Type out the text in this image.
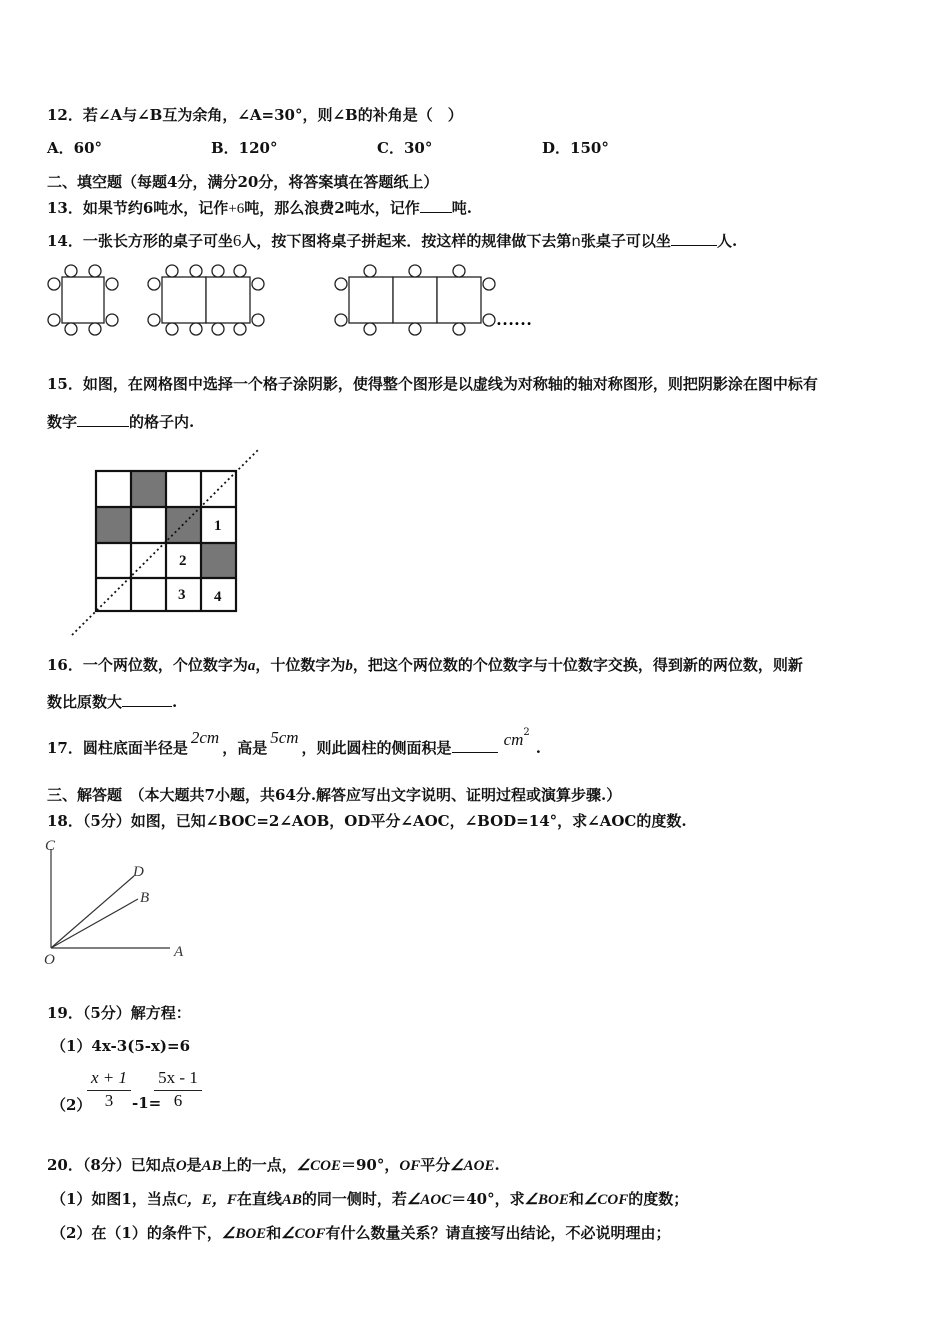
12．若∠A与∠B互为余角，∠A=30°，则∠B的补角是（　）
A．60°	B．120°	C．30°	D．150°
二、填空题（每题4分，满分20分，将答案填在答题纸上）
13．如果节约6吨水，记作+6吨，那么浪费2吨水，记作 吨.
14．一张长方形的桌子可坐6人，按下图将桌子拼起来．按这样的规律做下去第n张桌子可以坐	人.
……
15．如图，在网格图中选择一个格子涂阴影，使得整个图形是以虚线为对称轴的轴对称图形，则把阴影涂在图中标有
数字	的格子内.
1
2
3 4
16．一个两位数，个位数字为a，十位数字为b，把这个两位数的个位数字与十位数字交换，得到新的两位数，则新
数比原数大	.
17．圆柱底面半径是2cm，高是5cm，则此圆柱的侧面积是	$cm^2$.
三、解答题　（本大题共7小题，共64分.解答应写出文字说明、证明过程或演算步骤.）
18．（5分）如图，已知∠BOC=2∠AOB，OD平分∠AOC，∠BOD=14°，求∠AOC的度数.
C
D
B
O	A
19．（5分）解方程：
（1）4x-3(5-x)=6
（2）
$\frac{x + 1}{3} -1=$
$\frac{5x - 1}{6}$
20．（8分）已知点O是AB上的一点，∠COE＝90°，OF平分∠AOE.
（1）如图1，当点C，E，F在直线AB的同一侧时，若∠AOC＝40°，求∠BOE和∠COF的度数；
（2）在（1）的条件下，∠BOE和∠COF有什么数量关系？请直接写出结论，不必说明理由；
